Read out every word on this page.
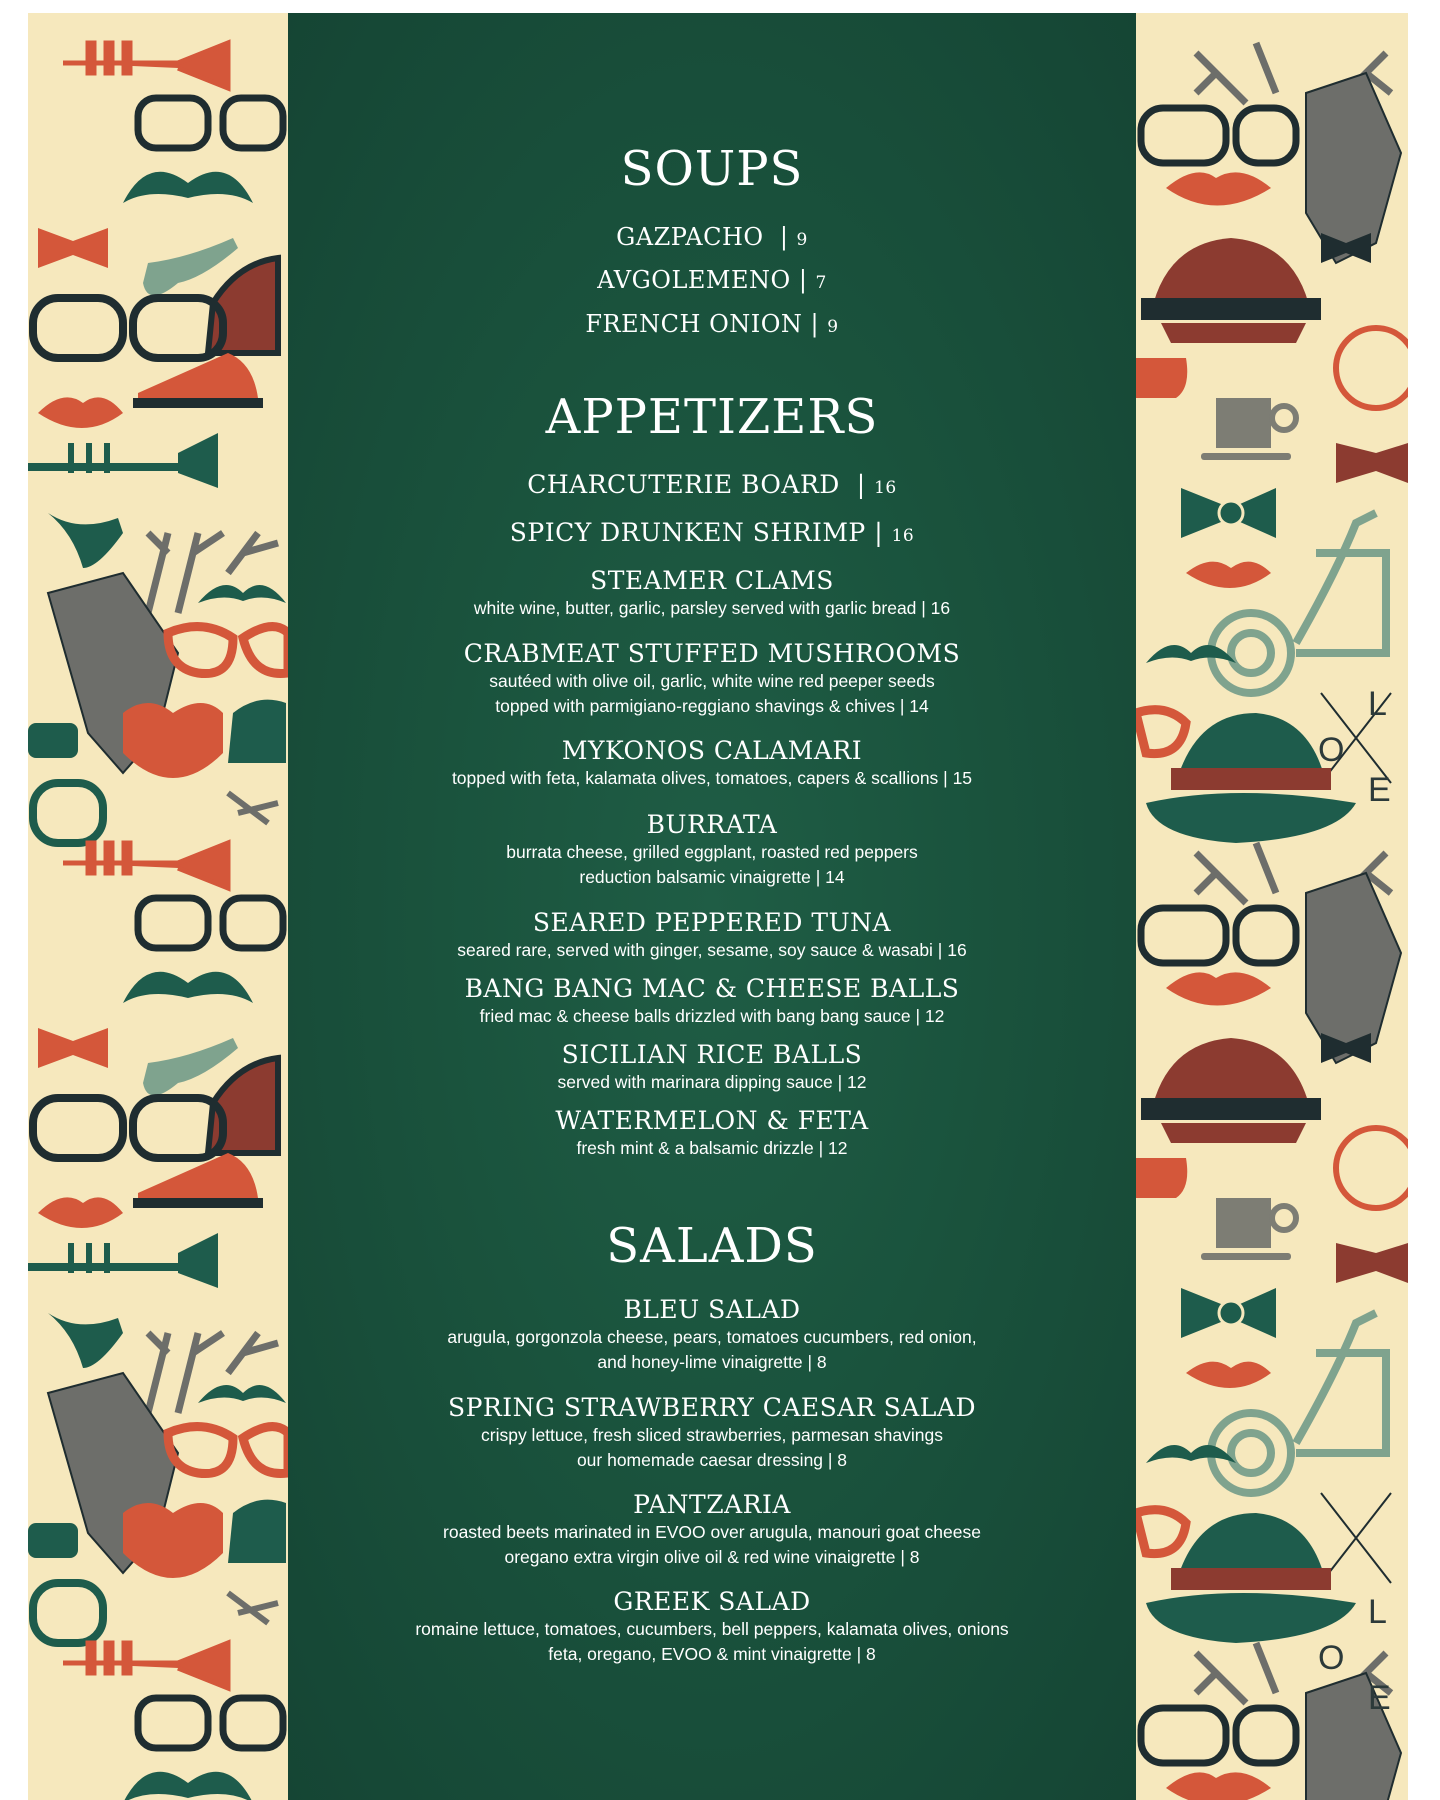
L
O
E
L
O
E
SOUPS
GAZPACHO  | 9
AVGOLEMENO | 7
FRENCH ONION | 9
APPETIZERS
CHARCUTERIE BOARD  | 16
SPICY DRUNKEN SHRIMP | 16
STEAMER CLAMS
white wine, butter, garlic, parsley served with garlic bread | 16
CRABMEAT STUFFED MUSHROOMS
sautéed with olive oil, garlic, white wine red peeper seeds
topped with parmigiano-reggiano shavings & chives | 14
MYKONOS CALAMARI
topped with feta, kalamata olives, tomatoes, capers & scallions | 15
BURRATA
burrata cheese, grilled eggplant, roasted red peppers
reduction balsamic vinaigrette | 14
SEARED PEPPERED TUNA
seared rare, served with ginger, sesame, soy sauce & wasabi | 16
BANG BANG MAC & CHEESE BALLS
fried mac & cheese balls drizzled with bang bang sauce | 12
SICILIAN RICE BALLS
served with marinara dipping sauce | 12
WATERMELON & FETA
fresh mint & a balsamic drizzle | 12
SALADS
BLEU SALAD
arugula, gorgonzola cheese, pears, tomatoes cucumbers, red onion,
and honey-lime vinaigrette | 8
SPRING STRAWBERRY CAESAR SALAD
crispy lettuce, fresh sliced strawberries, parmesan shavings
our homemade caesar dressing | 8
PANTZARIA
roasted beets marinated in EVOO over arugula, manouri goat cheese
oregano extra virgin olive oil & red wine vinaigrette | 8
GREEK SALAD
romaine lettuce, tomatoes, cucumbers, bell peppers, kalamata olives, onions
feta, oregano, EVOO & mint vinaigrette | 8
